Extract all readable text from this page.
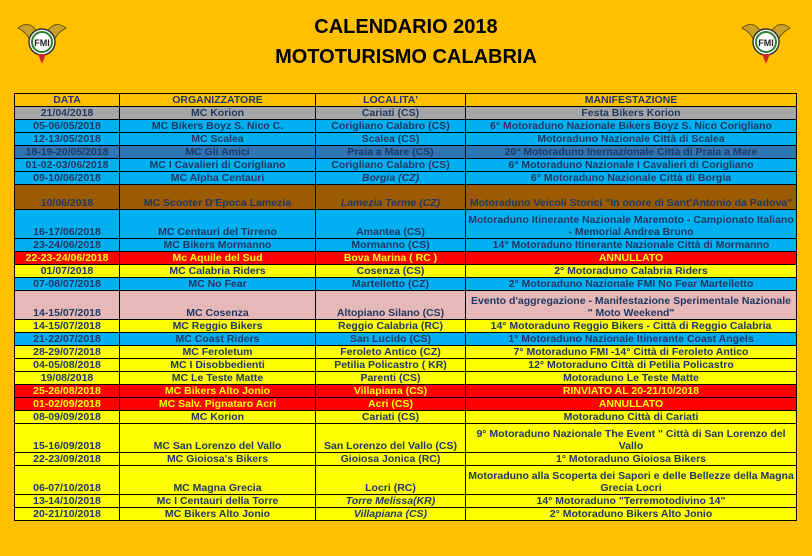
FMI
CALENDARIO 2018
MOTOTURISMO CALABRIA
FMI
DATA	ORGANIZZATORE	LOCALITA'	MANIFESTAZIONE
21/04/2018	MC Korion	Cariati (CS)	Festa Bikers Korion
05-06/05/2018	MC Bikers Boyz S. Nico C.	Corigliano Calabro (CS)	6° Motoraduno Nazionale Bikers Boyz S. Nico Corigliano
12-13/05/2018	MC Scalea	Scalea (CS)	Motoraduno Nazionale Città di Scalea
18-19-20/05/2018	MC Gli Amici	Praia a Mare (CS)	20° Motoraduno Inernazionale Città di Praia a Mare
01-02-03/06/2018	MC I Cavalieri di Corigliano	Corigliano Calabro (CS)	6° Motoraduno Nazionale I Cavalieri di Corigliano
09-10/06/2018	MC Alpha Centauri	Borgia (CZ)	6° Motoraduno Nazionale Città di Borgia
10/06/2018	MC Scooter D'Epoca Lamezia	Lamezia Terme (CZ)	Motoraduno Veicoli Storici "In onore di Sant'Antonio da Padova"
16-17/06/2018	MC Centauri del Tirreno	Amantea (CS)	Motoraduno Itinerante Nazionale Maremoto - Campionato Italiano - Memorial Andrea Bruno
23-24/06/2018	MC Bikers Mormanno	Mormanno (CS)	14° Motoraduno Itinerante Nazionale Città di Mormanno
22-23-24/06/2018	Mc Aquile del Sud	Bova Marina ( RC )	ANNULLATO
01/07/2018	MC Calabria Riders	Cosenza (CS)	2° Motoraduno Calabria Riders
07-08/07/2018	MC No Fear	Martelletto (CZ)	2° Motoraduno Nazionale FMI No Fear Martelletto
14-15/07/2018	MC Cosenza	Altopiano Silano (CS)	Evento d'aggregazione - Manifestazione Sperimentale Nazionale " Moto Weekend"
14-15/07/2018	MC Reggio Bikers	Reggio Calabria (RC)	14° Motoraduno Reggio Bikers - Città di Reggio Calabria
21-22/07/2018	MC Coast Riders	San Lucido (CS)	1° Motoraduno Nazionale Itinerante Coast Angels
28-29/07/2018	MC Feroletum	Feroleto Antico (CZ)	7° Motoraduno FMI -14° Città di Feroleto Antico
04-05/08/2018	MC I Disobbedienti	Petilia Policastro ( KR)	12° Motoraduno Città di Petilia Policastro
19/08/2018	MC Le Teste Matte	Parenti (CS)	Motoraduno Le Teste Matte
25-26/08/2018	MC Bikers Alto Jonio	Villapiana (CS)	RINVIATO AL 20-21/10/2018
01-02/09/2018	MC Salv. Pignataro Acri	Acri (CS)	ANNULLATO
08-09/09/2018	MC Korion	Cariati (CS)	Motoraduno Città di Cariati
15-16/09/2018	MC San Lorenzo del Vallo	San Lorenzo del Vallo (CS)	9° Motoraduno Nazionale The Event " Città di San Lorenzo del Vallo
22-23/09/2018	MC Gioiosa's Bikers	Gioiosa Jonica (RC)	1° Motoraduno Gioiosa Bikers
06-07/10/2018	MC Magna Grecia	Locri (RC)	Motoraduno alla Scoperta dei Sapori e delle Bellezze della Magna Grecia Locri
13-14/10/2018	Mc I Centauri della Torre	Torre Melissa(KR)	14° Motoraduno "Terremotodivino 14"
20-21/10/2018	MC Bikers Alto Jonio	Villapiana (CS)	2° Motoraduno Bikers Alto Jonio
